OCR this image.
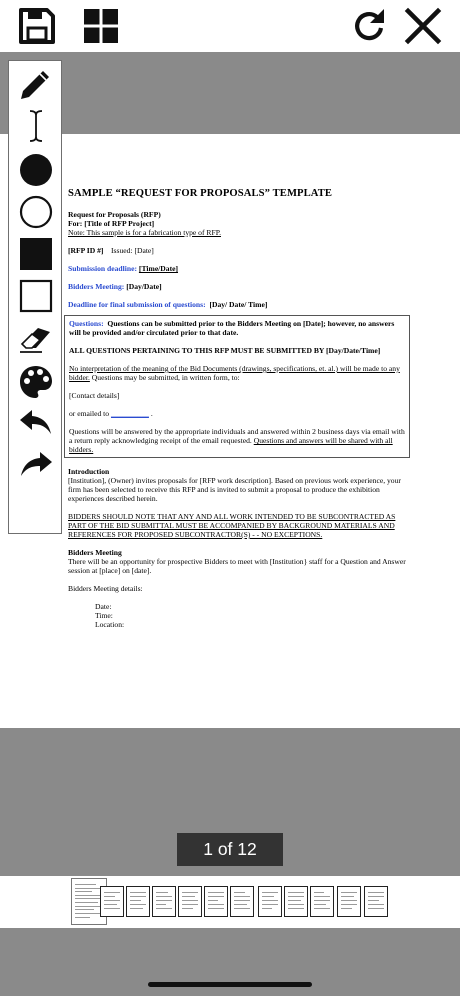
SAMPLE “REQUEST FOR PROPOSALS” TEMPLATE

Request for Proposals (RFP)

For: [Title of RFP Project]

Note: This sample is for a fabrication type of RFP.

[RFP ID #] Issued: [Date]

Submission deadline: [Time/Date]

Bidders Meeting: [Day/Date]

Deadline for final submission of questions: [Day/ Date/ Time]

Questions: Questions can be submitted prior to the Bidders Meeting on [Date]; however, no answers will be provided and/or circulated prior to that date.

ALL QUESTIONS PERTAINING TO THIS RFP MUST BE SUBMITTED BY [Day/Date/Time]

No interpretation of the meaning of the Bid Documents (drawings, specifications, et. al.) will be made to any bidder. Questions may be submitted, in written form, to:

[Contact details]

or emailed to __________ .

Questions will be answered by the appropriate individuals and answered within 2 business days via email with a return reply acknowledging receipt of the email requested. Questions and answers will be shared with all bidders.

Introduction

[Institution], (Owner) invites proposals for [RFP work description]. Based on previous work experience, your firm has been selected to receive this RFP and is invited to submit a proposal to produce the exhibition experiences described herein.

BIDDERS SHOULD NOTE THAT ANY AND ALL WORK INTENDED TO BE SUBCONTRACTED AS PART OF THE BID SUBMITTAL MUST BE ACCOMPANIED BY BACKGROUND MATERIALS AND REFERENCES FOR PROPOSED SUBCONTRACTOR(S) - - NO EXCEPTIONS.

Bidders Meeting

There will be an opportunity for prospective Bidders to meet with [Institution} staff for a Question and Answer session at [place] on [date].

Bidders Meeting details:

Date:

Time:

Location:

1 of 12
